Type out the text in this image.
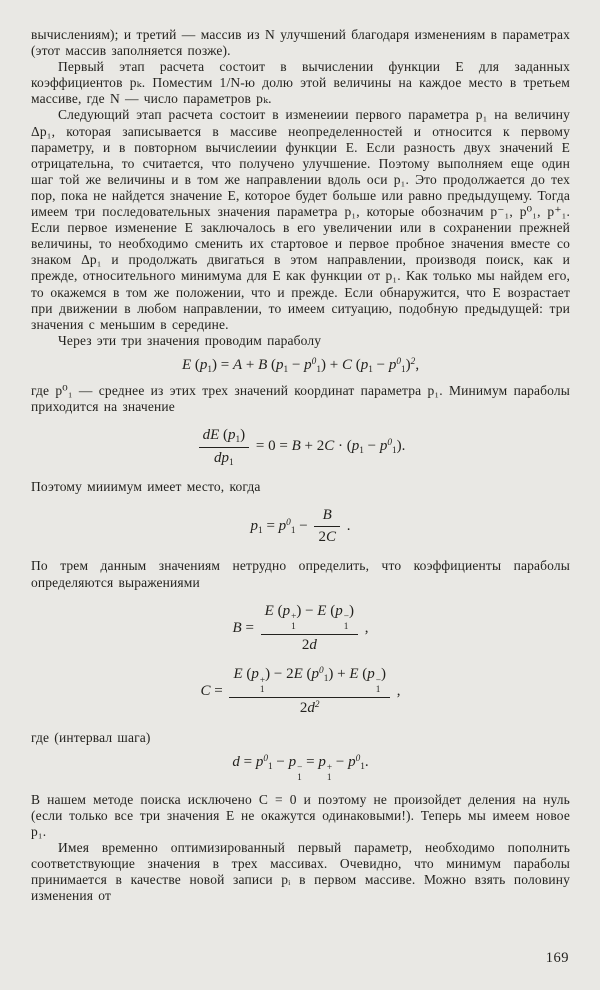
вычислениям); и третий — массив из N улучшений благодаря изменениям в параметрах (этот массив заполняется позже).

Первый этап расчета состоит в вычислении функции E для заданных коэффициентов pₖ. Поместим 1/N-ю долю этой величины на каждое место в третьем массиве, где N — число параметров pₖ.

Следующий этап расчета состоит в изменеиии первого параметра p₁ на величину Δp₁, которая записывается в массиве неопределенностей и относится к первому параметру, и в повторном вычислеиии функции E. Если разность двух значений E отрицательна, то считается, что получено улучшение. Поэтому выполняем еще один шаг той же величины и в том же направлении вдоль оси p₁. Это продолжается до тех пор, пока не найдется значение E, которое будет больше или равно предыдущему. Тогда имеем три последовательных значения параметра p₁, которые обозначим p⁻₁, p⁰₁, p⁺₁. Если первое изменение E заключалось в его увеличении или в сохранении прежней величины, то необходимо сменить их стартовое и первое пробное значения вместе со знаком Δp₁ и продолжать двигаться в этом направлении, производя поиск, как и прежде, относительного минимума для E как функции от p₁. Как только мы найдем его, то окажемся в том же положении, что и прежде. Если обнаружится, что E возрастает при движении в любом направлении, то имеем ситуацию, подобную предыдущей: три значения с меньшим в середине.

Через эти три значения проводим параболу

E (p1) = A + B $(p1 - p^01) + C$ $(p1 - p^01)^2$,

где p⁰₁ — среднее из этих трех значений координат параметра p₁. Минимум параболы приходится на значение

$\frac{dE (p1)}{dp1} = 0 = B + 2C \cdot (p1 - p^01)$.

Поэтому мииимум имеет место, когда

$p1 = p^01 - \frac{B}{2C}$ .

По трем данным значениям нетрудно определить, что коэффициенты параболы определяются выражениями

B = E (p +
1
) − E (p −
1
)
2d ,
C = E (p +
1
) − 2E $(p^01) + E$ (p −
1
)
$2d^2$ ,

где (интервал шага)

$d = p^01 - p$ −
1
= p +
1
− $p^01$.

В нашем методе поиска исключено C = 0 и поэтому не произойдет деления на нуль (если только все три значения E не окажутся одинаковыми!). Теперь мы имеем новое p₁.

Имея временно оптимизированный первый параметр, необходимо пополнить соответствующие значения в трех массивах. Очевидно, что минимум параболы принимается в качестве новой записи pᵢ в первом массиве. Можно взять половину изменения от

169
